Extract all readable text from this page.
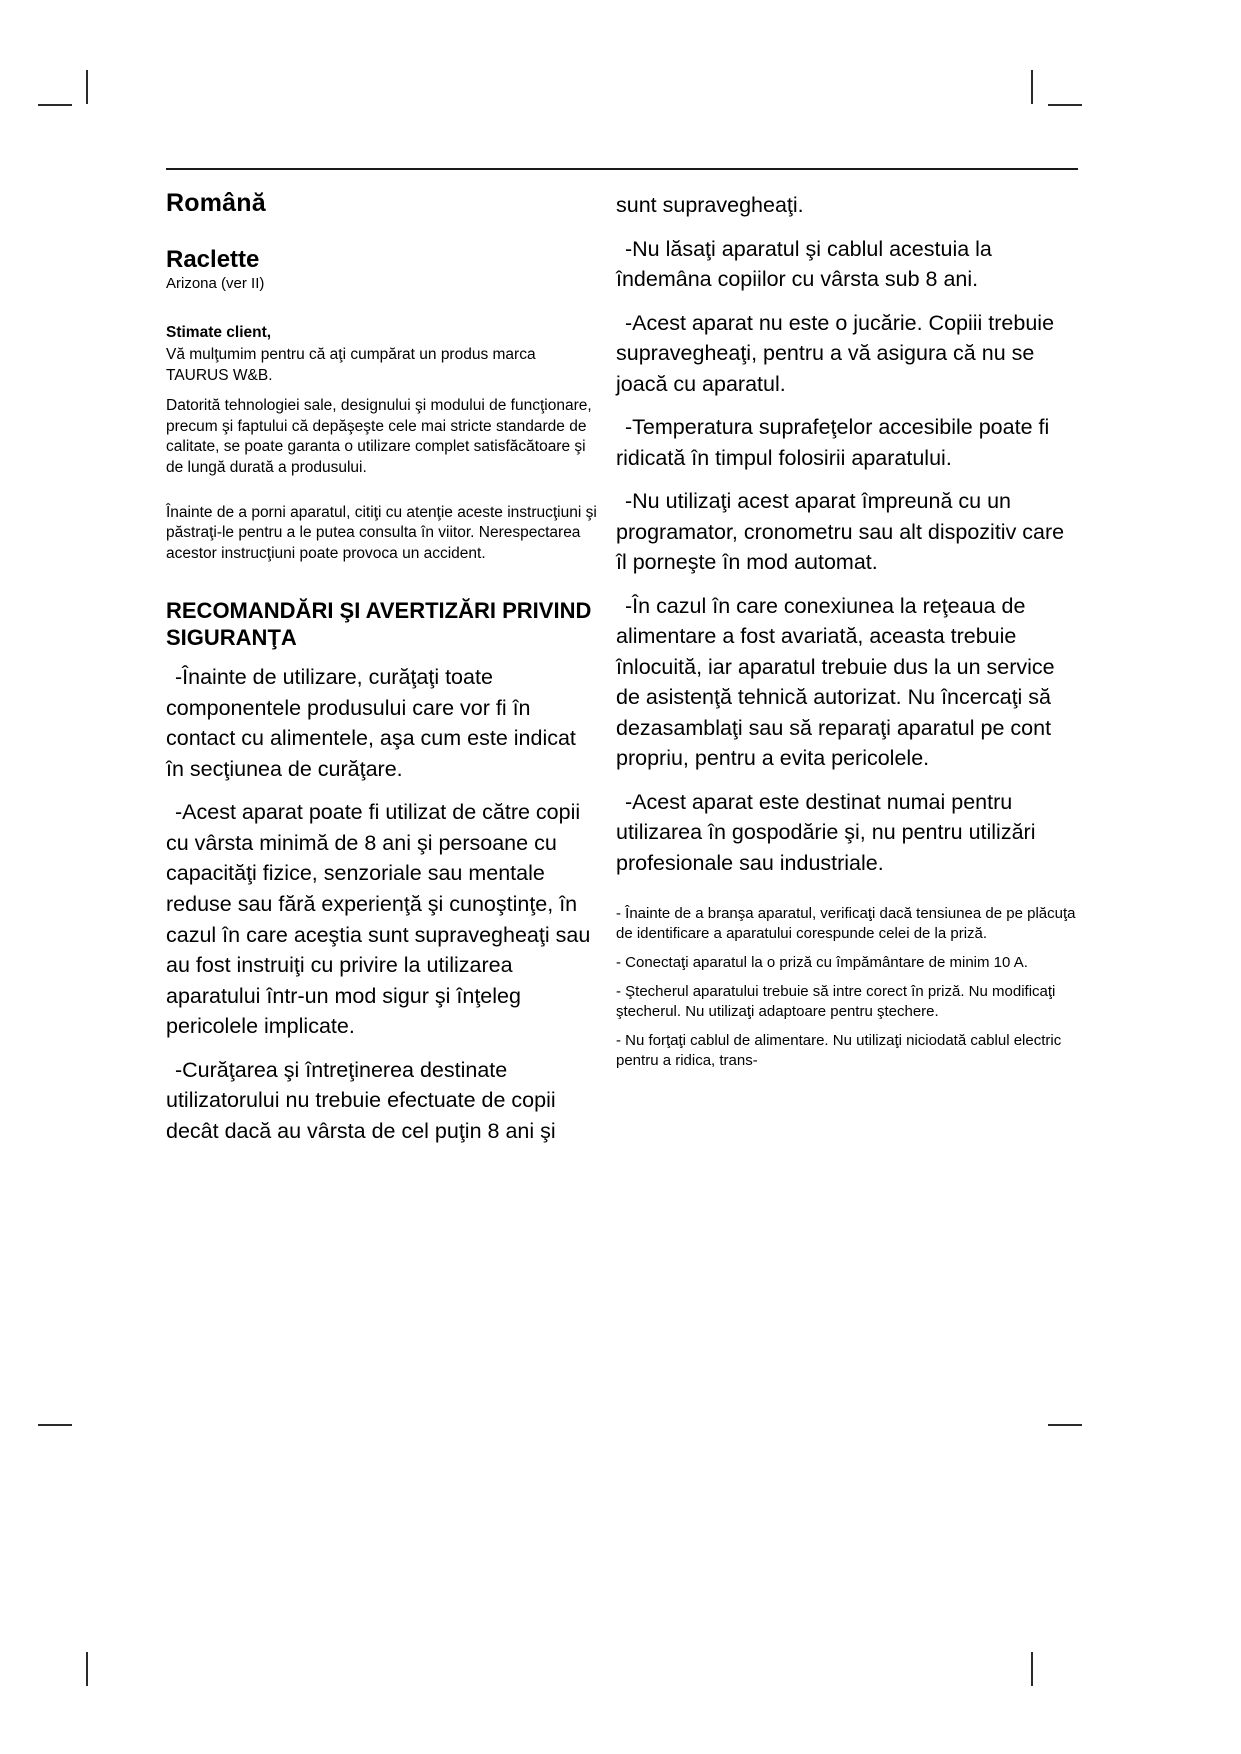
Română
Raclette
Arizona (ver II)
Stimate client,

Vă mulţumim pentru că aţi cumpărat un produs marca TAURUS W&B.

Datorită tehnologiei sale, designului şi modului de funcţionare, precum şi faptului că depăşeşte cele mai stricte standarde de calitate, se poate garanta o utilizare complet satisfăcătoare şi de lungă durată a produsului.

Înainte de a porni aparatul, citiţi cu atenţie aceste instrucţiuni şi păstraţi-le pentru a le putea consulta în viitor. Nerespectarea acestor instrucţiuni poate provoca un accident.

RECOMANDĂRI ŞI AVERTIZĂRI PRIVIND SIGURANŢA

-Înainte de utilizare, curăţaţi toate componentele produsului care vor fi în contact cu alimentele, aşa cum este indicat în secţiunea de curăţare.

-Acest aparat poate fi utilizat de către copii cu vârsta minimă de 8 ani şi persoane cu capacităţi fizice, senzoriale sau mentale reduse sau fără experienţă şi cunoştinţe, în cazul în care aceştia sunt supravegheaţi sau au fost instruiţi cu privire la utilizarea aparatului într-un mod sigur şi înţeleg pericolele implicate.

-Curăţarea şi întreţinerea destinate utilizatorului nu trebuie efectuate de copii decât dacă au vârsta de cel puţin 8 ani şi

sunt supravegheaţi.

-Nu lăsaţi aparatul şi cablul acestuia la îndemâna copiilor cu vârsta sub 8 ani.

-Acest aparat nu este o jucărie. Copiii trebuie supravegheaţi, pentru a vă asigura că nu se joacă cu aparatul.

-Temperatura suprafeţelor accesibile poate fi ridicată în timpul folosirii aparatului.

-Nu utilizaţi acest aparat împreună cu un programator, cronometru sau alt dispozitiv care îl porneşte în mod automat.

-În cazul în care conexiunea la reţeaua de alimentare a fost avariată, aceasta trebuie înlocuită, iar aparatul trebuie dus la un service de asistenţă tehnică autorizat. Nu încercaţi să dezasamblaţi sau să reparaţi aparatul pe cont propriu, pentru a evita pericolele.

-Acest aparat este destinat numai pentru utilizarea în gospodărie şi, nu pentru utilizări profesionale sau industriale.

- Înainte de a branşa aparatul, verificaţi dacă tensiunea de pe plăcuţa de identificare a aparatului corespunde celei de la priză.

- Conectaţi aparatul la o priză cu împământare de minim 10 A.

- Ştecherul aparatului trebuie să intre corect în priză. Nu modificaţi ştecherul. Nu utilizaţi adaptoare pentru ştechere.

- Nu forţaţi cablul de alimentare. Nu utilizaţi niciodată cablul electric pentru a ridica, trans-
